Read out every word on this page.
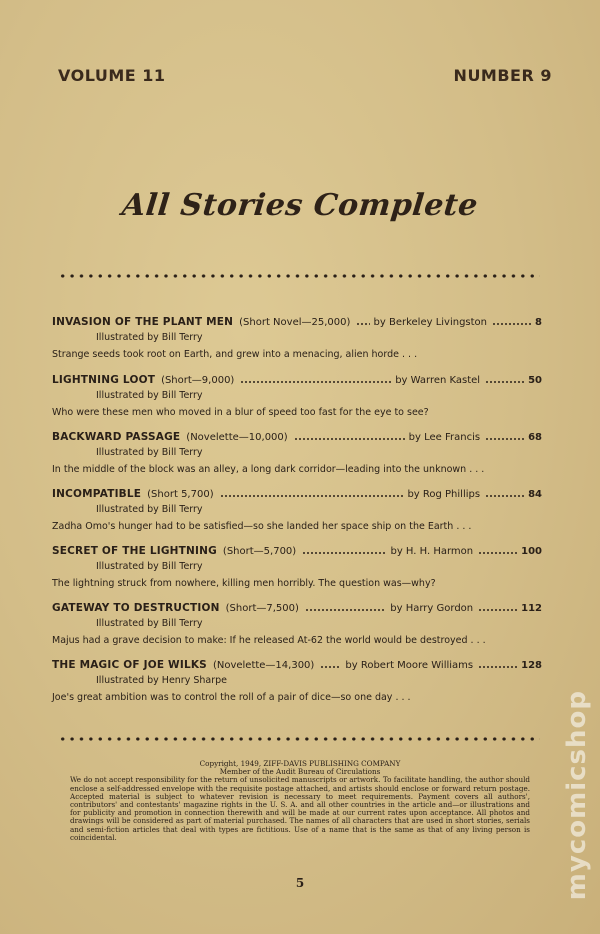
VOLUME 11	NUMBER 9
All Stories Complete
INVASION OF THE PLANT MEN (Short Novel—25,000) by Berkeley Livingston	8
Illustrated by Bill Terry
Strange seeds took root on Earth, and grew into a menacing, alien horde . . .
LIGHTNING LOOT (Short—9,000)	by Warren Kastel	50
Illustrated by Bill Terry
Who were these men who moved in a blur of speed too fast for the eye to see?
BACKWARD PASSAGE (Novelette—10,000)	by Lee Francis	68
Illustrated by Bill Terry
In the middle of the block was an alley, a long dark corridor—leading into the unknown . . .
INCOMPATIBLE (Short 5,700)	by Rog Phillips	84
Illustrated by Bill Terry
Zadha Omo's hunger had to be satisfied—so she landed her space ship on the Earth . . .
SECRET OF THE LIGHTNING (Short—5,700)	by H. H. Harmon	100
Illustrated by Bill Terry
The lightning struck from nowhere, killing men horribly. The question was—why?
GATEWAY TO DESTRUCTION (Short—7,500)	by Harry Gordon	112
Illustrated by Bill Terry
Majus had a grave decision to make: If he released At-62 the world would be destroyed . . .
THE MAGIC OF JOE WILKS (Novelette—14,300)	by Robert Moore Williams	128
Illustrated by Henry Sharpe
Joe's great ambition was to control the roll of a pair of dice—so one day . . .
Copyright, 1949, ZIFF-DAVIS PUBLISHING COMPANY
Member of the Audit Bureau of Circulations
We do not accept responsibility for the return of unsolicited manuscripts or artwork. To facilitate handling, the author should enclose a self-addressed envelope with the requisite postage attached, and artists should enclose or forward return postage. Accepted material is subject to whatever revision is necessary to meet requirements. Payment covers all authors', contributors' and contestants' magazine rights in the U. S. A. and all other countries in the article and—or illustrations and for publicity and promotion in connection therewith and will be made at our current rates upon acceptance. All photos and drawings will be considered as part of material purchased. The names of all characters that are used in short stories, serials and semi-fiction articles that deal with types are fictitious. Use of a name that is the same as that of any living person is coincidental.
5	mycomicshop
